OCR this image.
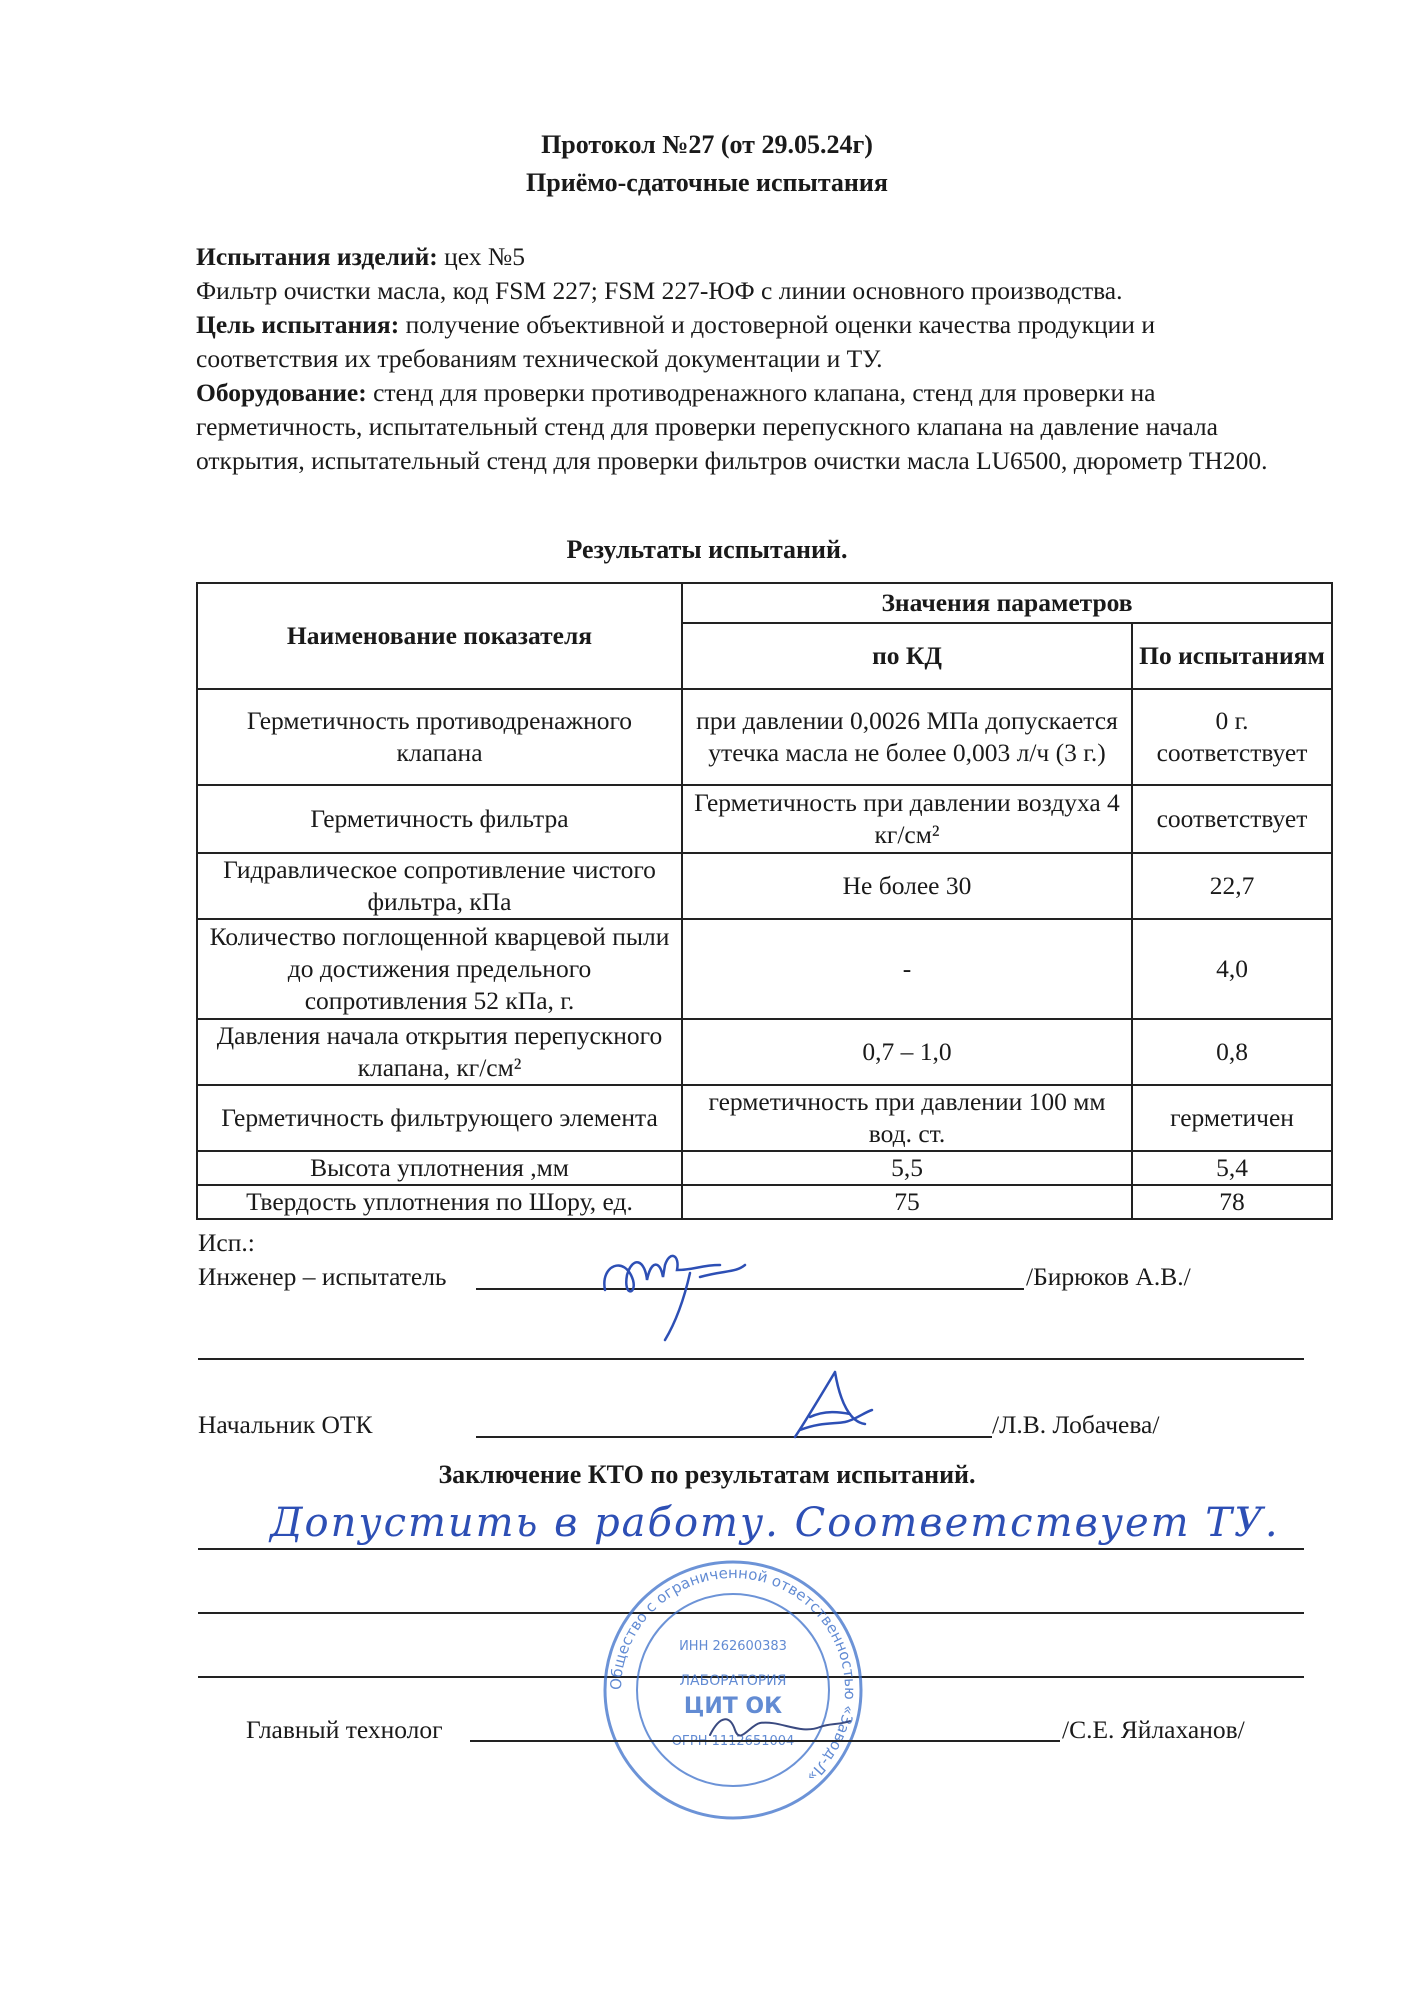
Протокол №27 (от 29.05.24г)
Приёмо-сдаточные испытания

Испытания изделий: цех №5

Фильтр очистки масла, код FSM 227; FSM 227-ЮФ с линии основного производства.

Цель испытания: получение объективной и достоверной оценки качества продукции и соответствия их требованиям технической документации и ТУ.

Оборудование: стенд для проверки противодренажного клапана, стенд для проверки на герметичность, испытательный стенд для проверки перепускного клапана на давление начала открытия, испытательный стенд для проверки фильтров очистки масла LU6500, дюрометр TH200.

Результаты испытаний.
Наименование показателя	Значения параметров	
	по КД	По испытаниям
Герметичность противодренажного клапана	при давлении 0,0026 МПа допускается утечка масла не более 0,003 л/ч (3 г.)	0 г. соответствует
Герметичность фильтра	Герметичность при давлении воздуха 4 кг/см²	соответствует
Гидравлическое сопротивление чистого фильтра, кПа	Не более 30	22,7
Количество поглощенной кварцевой пыли до достижения предельного сопротивления 52 кПа, г.	-	4,0
Давления начала открытия перепускного клапана, кг/см²	0,7 – 1,0	0,8
Герметичность фильтрующего элемента	герметичность при давлении 100 мм вод. ст.	герметичен
Высота уплотнения ,мм	5,5	5,4
Твердость уплотнения по Шору, ед.	75	78
Исп.:
Инженер – испытатель	/Бирюков А.В./
Начальник ОТК	/Л.В. Лобачева/
Заключение КТО по результатам испытаний.
Допустить в работу. Соответствует ТУ.
Общество с ограниченной ответственностью «Завод-Л»
ИНН 262600383
ЛАБОРАТОРИЯ
ЦИТ ОК
ОГРН 1112651004
Главный технолог	/С.Е. Яйлаханов/
